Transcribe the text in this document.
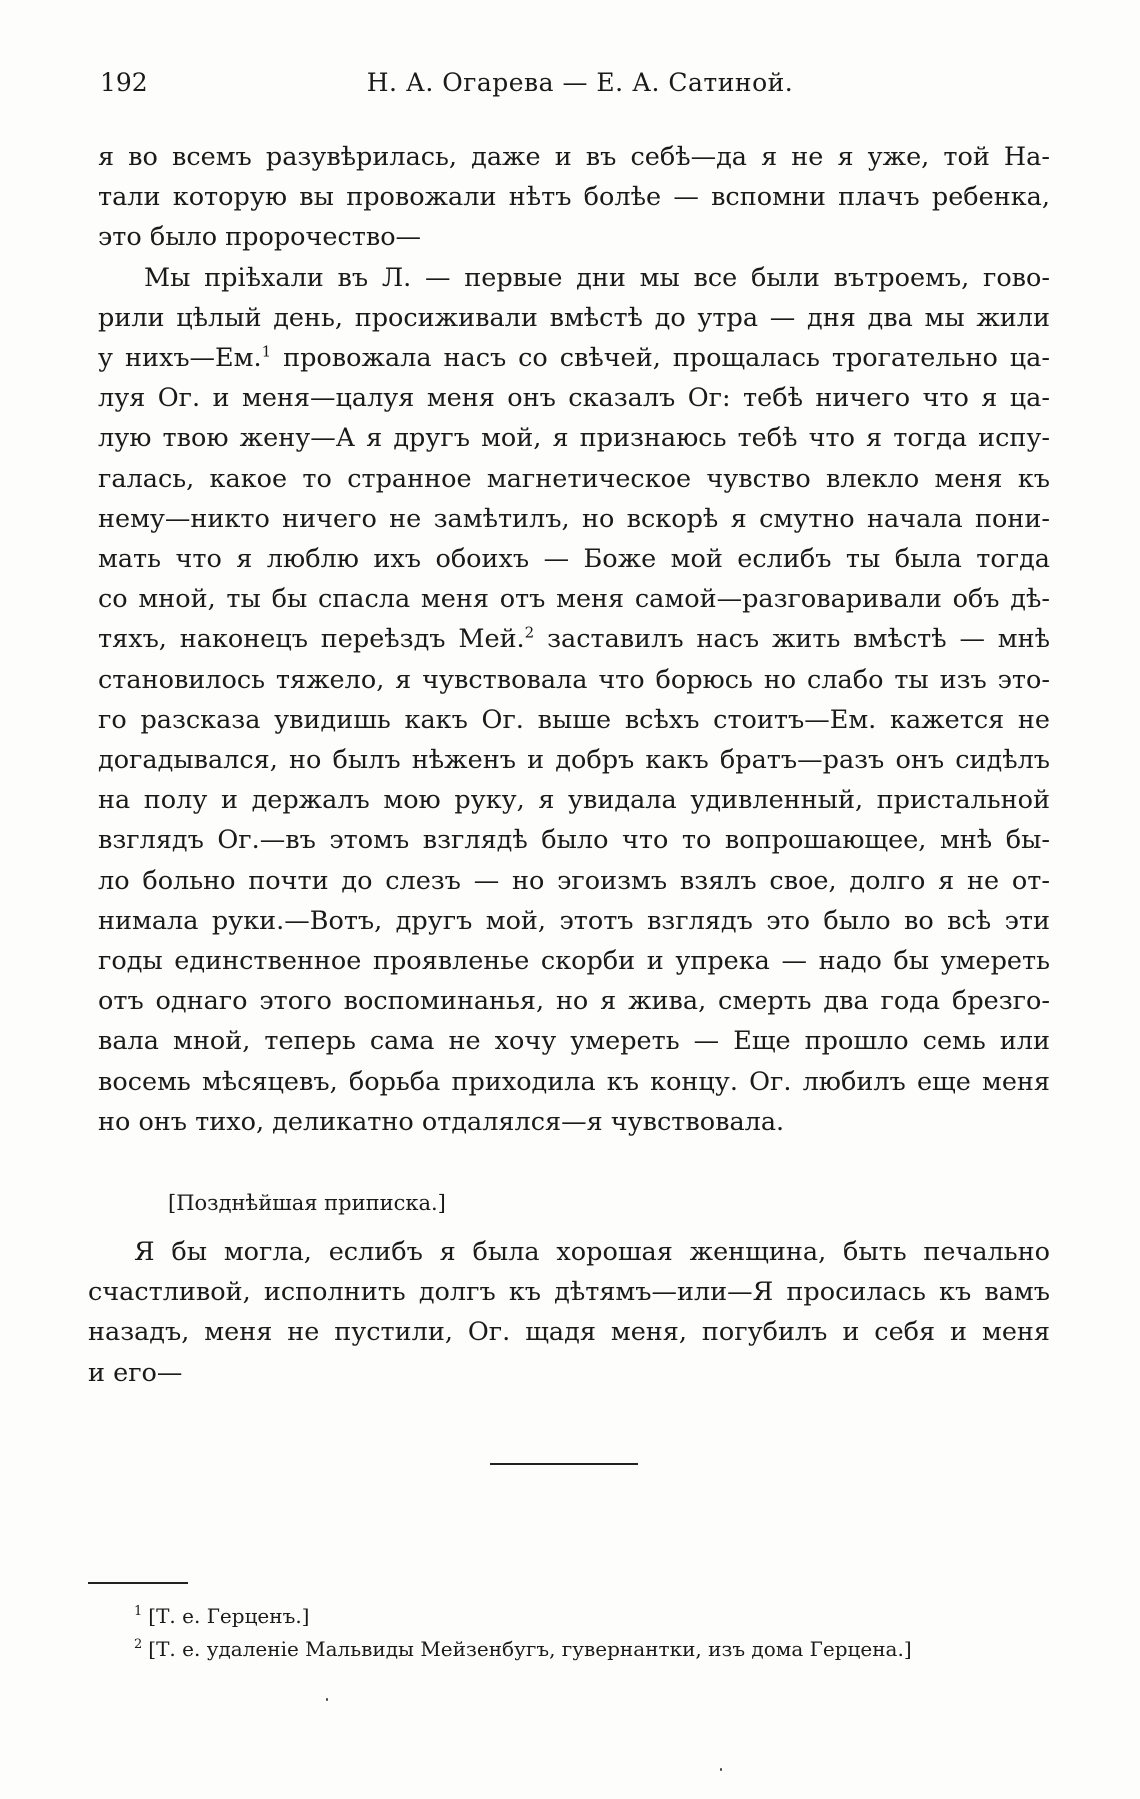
192	Н. А. Огарева — Е. А. Сатиной.
я во всемъ разувѣрилась, даже и въ себѣ—да я не я уже, той На-
тали которую вы провожали нѣтъ болѣе — вспомни плачъ ребенка,
это было пророчество—
Мы пріѣхали въ Л. — первые дни мы все были вътроемъ, гово-
рили цѣлый день, просиживали вмѣстѣ до утра — дня два мы жили
у нихъ—Ем.$^1$ провожала насъ со свѣчей, прощалась трогательно ца-
луя Ог. и меня—цалуя меня онъ сказалъ Ог: тебѣ ничего что я ца-
лую твою жену—А я другъ мой, я признаюсь тебѣ что я тогда испу-
галась, какое то странное магнетическое чувство влекло меня къ
нему—никто ничего не замѣтилъ, но вскорѣ я смутно начала пони-
мать что я люблю ихъ обоихъ — Боже мой еслибъ ты была тогда
со мной, ты бы спасла меня отъ меня самой—разговаривали объ дѣ-
тяхъ, наконецъ переѣздъ Мей.$^2$ заставилъ насъ жить вмѣстѣ — мнѣ
становилось тяжело, я чувствовала что борюсь но слабо ты изъ это-
го разсказа увидишь какъ Ог. выше всѣхъ стоитъ—Ем. кажется не
догадывался, но былъ нѣженъ и добръ какъ братъ—разъ онъ сидѣлъ
на полу и держалъ мою руку, я увидала удивленный, пристальной
взглядъ Ог.—въ этомъ взглядѣ было что то вопрошающее, мнѣ бы-
ло больно почти до слезъ — но эгоизмъ взялъ свое, долго я не от-
нимала руки.—Вотъ, другъ мой, этотъ взглядъ это было во всѣ эти
годы единственное проявленье скорби и упрека — надо бы умереть
отъ однаго этого воспоминанья, но я жива, смерть два года брезго-
вала мной, теперь сама не хочу умереть — Еще прошло семь или
восемь мѣсяцевъ, борьба приходила къ концу. Ог. любилъ еще меня
но онъ тихо, деликатно отдалялся—я чувствовала.
[Позднѣйшая приписка.]
Я бы могла, еслибъ я была хорошая женщина, быть печально
счастливой, исполнить долгъ къ дѣтямъ—или—Я просилась къ вамъ
назадъ, меня не пустили, Ог. щадя меня, погубилъ и себя и меня
и его—

$^1$ [Т. е. Герценъ.]

$^2$ [Т. е. удаленіе Мальвиды Мейзенбугъ, гувернантки, изъ дома Герцена.]
